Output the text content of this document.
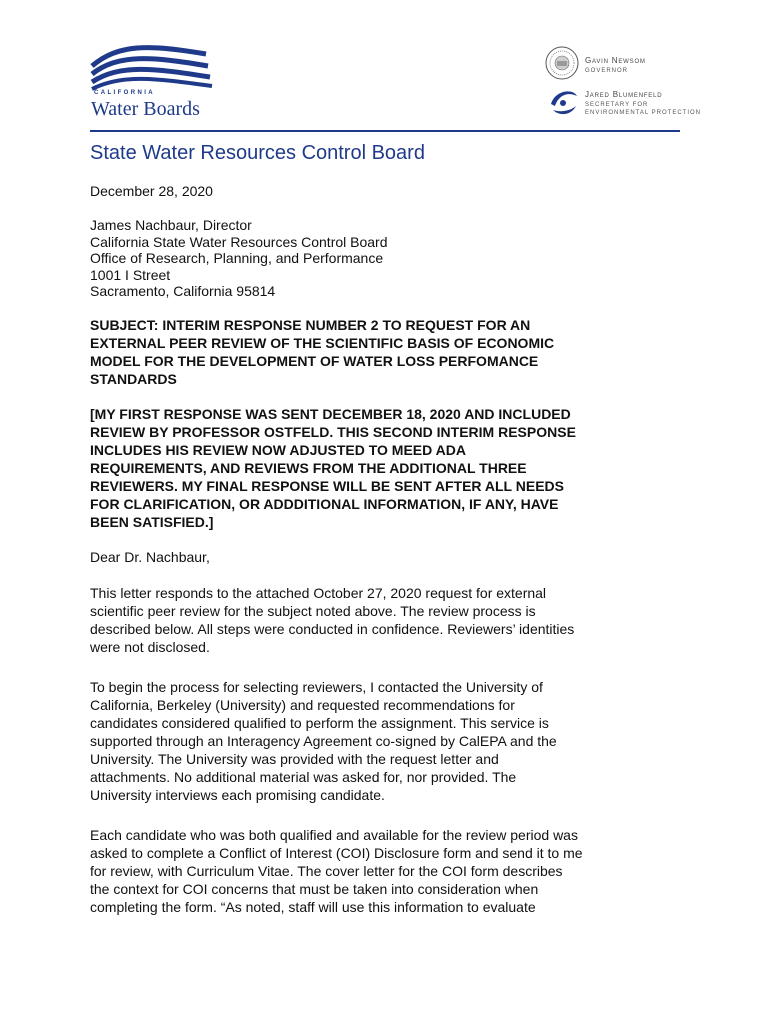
CALIFORNIA
Water Boards
Gavin Newsom
GOVERNOR
Jared Blumenfeld
SECRETARY FOR
ENVIRONMENTAL PROTECTION
State Water Resources Control Board
December 28, 2020
James Nachbaur, Director
California State Water Resources Control Board
Office of Research, Planning, and Performance
1001 I Street
Sacramento, California 95814
SUBJECT: INTERIM RESPONSE NUMBER 2 TO REQUEST FOR AN
EXTERNAL PEER REVIEW OF THE SCIENTIFIC BASIS OF ECONOMIC
MODEL FOR THE DEVELOPMENT OF WATER LOSS PERFOMANCE
STANDARDS
[MY FIRST RESPONSE WAS SENT DECEMBER 18, 2020 AND INCLUDED
REVIEW BY PROFESSOR OSTFELD. THIS SECOND INTERIM RESPONSE
INCLUDES HIS REVIEW NOW ADJUSTED TO MEED ADA
REQUIREMENTS, AND REVIEWS FROM THE ADDITIONAL THREE
REVIEWERS. MY FINAL RESPONSE WILL BE SENT AFTER ALL NEEDS
FOR CLARIFICATION, OR ADDDITIONAL INFORMATION, IF ANY, HAVE
BEEN SATISFIED.]
Dear Dr. Nachbaur,
This letter responds to the attached October 27, 2020 request for external
scientific peer review for the subject noted above. The review process is
described below. All steps were conducted in confidence. Reviewers’ identities
were not disclosed.
To begin the process for selecting reviewers, I contacted the University of
California, Berkeley (University) and requested recommendations for
candidates considered qualified to perform the assignment. This service is
supported through an Interagency Agreement co-signed by CalEPA and the
University. The University was provided with the request letter and
attachments. No additional material was asked for, nor provided. The
University interviews each promising candidate.
Each candidate who was both qualified and available for the review period was
asked to complete a Conflict of Interest (COI) Disclosure form and send it to me
for review, with Curriculum Vitae. The cover letter for the COI form describes
the context for COI concerns that must be taken into consideration when
completing the form. “As noted, staff will use this information to evaluate
